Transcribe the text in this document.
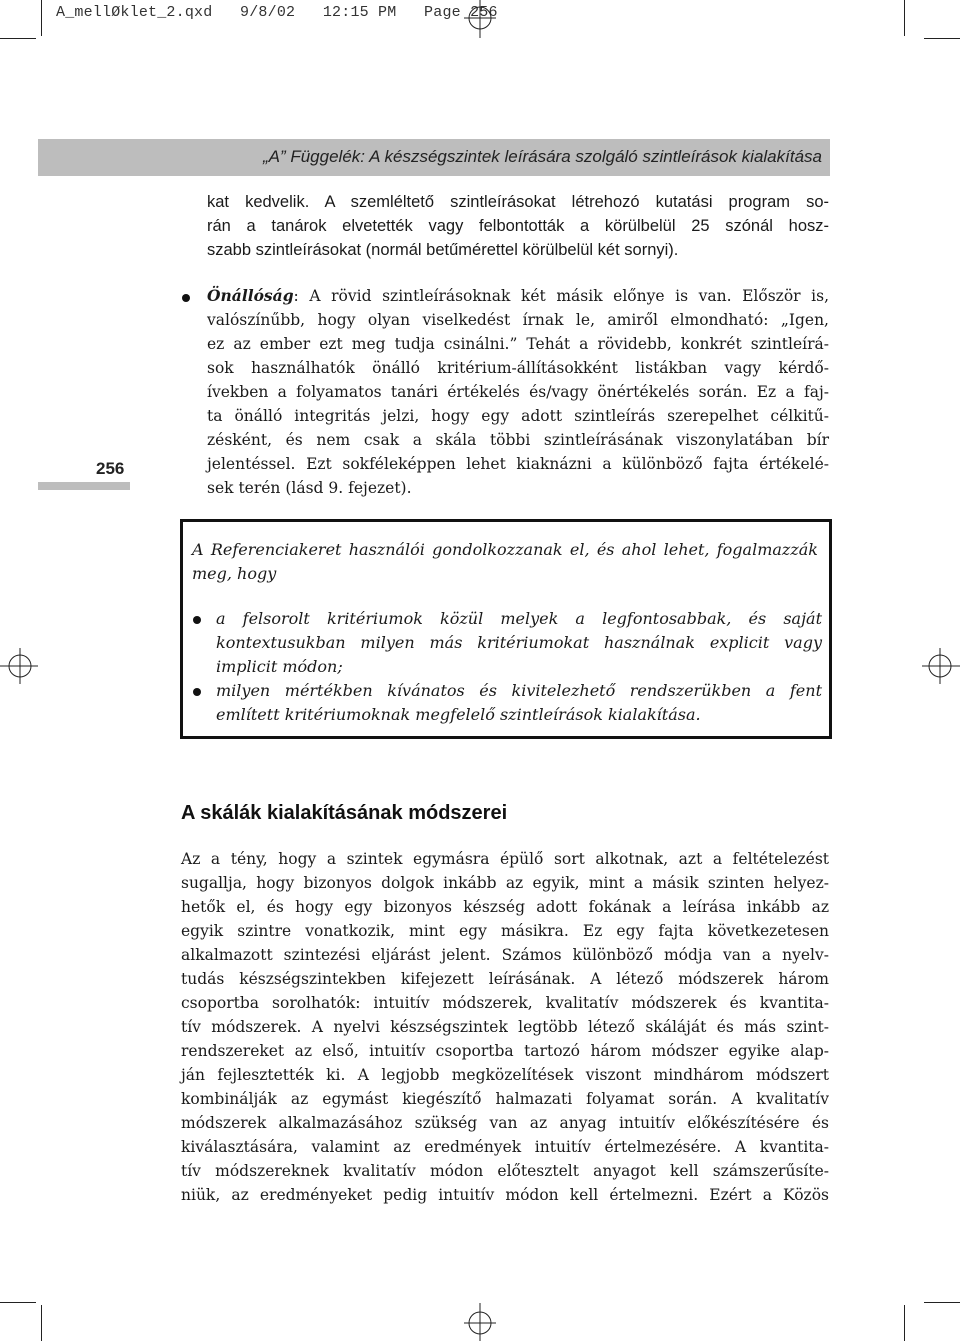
A_mellØklet_2.qxd   9/8/02   12:15 PM   Page 256
„A” Függelék: A készségszintek leírására szolgáló szintleírások kialakítása
kat kedvelik. A szemléltető szintleírásokat létrehozó kutatási program so-
rán a tanárok elvetették vagy felbontották a körülbelül 25 szónál hosz-
szabb szintleírásokat (normál betűmérettel körülbelül két sornyi).
Önállóság: A rövid szintleírásoknak két másik előnye is van. Először is,
valószínűbb, hogy olyan viselkedést írnak le, amiről elmondható: „Igen,
ez az ember ezt meg tudja csinálni.” Tehát a rövidebb, konkrét szintleírá-
sok használhatók önálló kritérium-állításokként listákban vagy kérdő-
ívekben a folyamatos tanári értékelés és/vagy önértékelés során. Ez a faj-
ta önálló integritás jelzi, hogy egy adott szintleírás szerepelhet célkitű-
zésként, és nem csak a skála többi szintleírásának viszonylatában bír
jelentéssel. Ezt sokféleképpen lehet kiaknázni a különböző fajta értékelé-
sek terén (lásd 9. fejezet).
256
A Referenciakeret használói gondolkozzanak el, és ahol lehet, fogalmazzák
meg, hogy
a felsorolt kritériumok közül melyek a legfontosabbak, és saját
kontextusukban milyen más kritériumokat használnak explicit vagy
implicit módon;
milyen mértékben kívánatos és kivitelezhető rendszerükben a fent
említett kritériumoknak megfelelő szintleírások kialakítása.
A skálák kialakításának módszerei
Az a tény, hogy a szintek egymásra épülő sort alkotnak, azt a feltételezést
sugallja, hogy bizonyos dolgok inkább az egyik, mint a másik szinten helyez-
hetők el, és hogy egy bizonyos készség adott fokának a leírása inkább az
egyik szintre vonatkozik, mint egy másikra. Ez egy fajta következetesen
alkalmazott szintezési eljárást jelent. Számos különböző módja van a nyelv-
tudás készségszintekben kifejezett leírásának. A létező módszerek három
csoportba sorolhatók: intuitív módszerek, kvalitatív módszerek és kvantita-
tív módszerek. A nyelvi készségszintek legtöbb létező skáláját és más szint-
rendszereket az első, intuitív csoportba tartozó három módszer egyike alap-
ján fejlesztették ki. A legjobb megközelítések viszont mindhárom módszert
kombinálják az egymást kiegészítő halmazati folyamat során. A kvalitatív
módszerek alkalmazásához szükség van az anyag intuitív előkészítésére és
kiválasztására, valamint az eredmények intuitív értelmezésére. A kvantita-
tív módszereknek kvalitatív módon előtesztelt anyagot kell számszerűsíte-
niük, az eredményeket pedig intuitív módon kell értelmezni. Ezért a Közös
